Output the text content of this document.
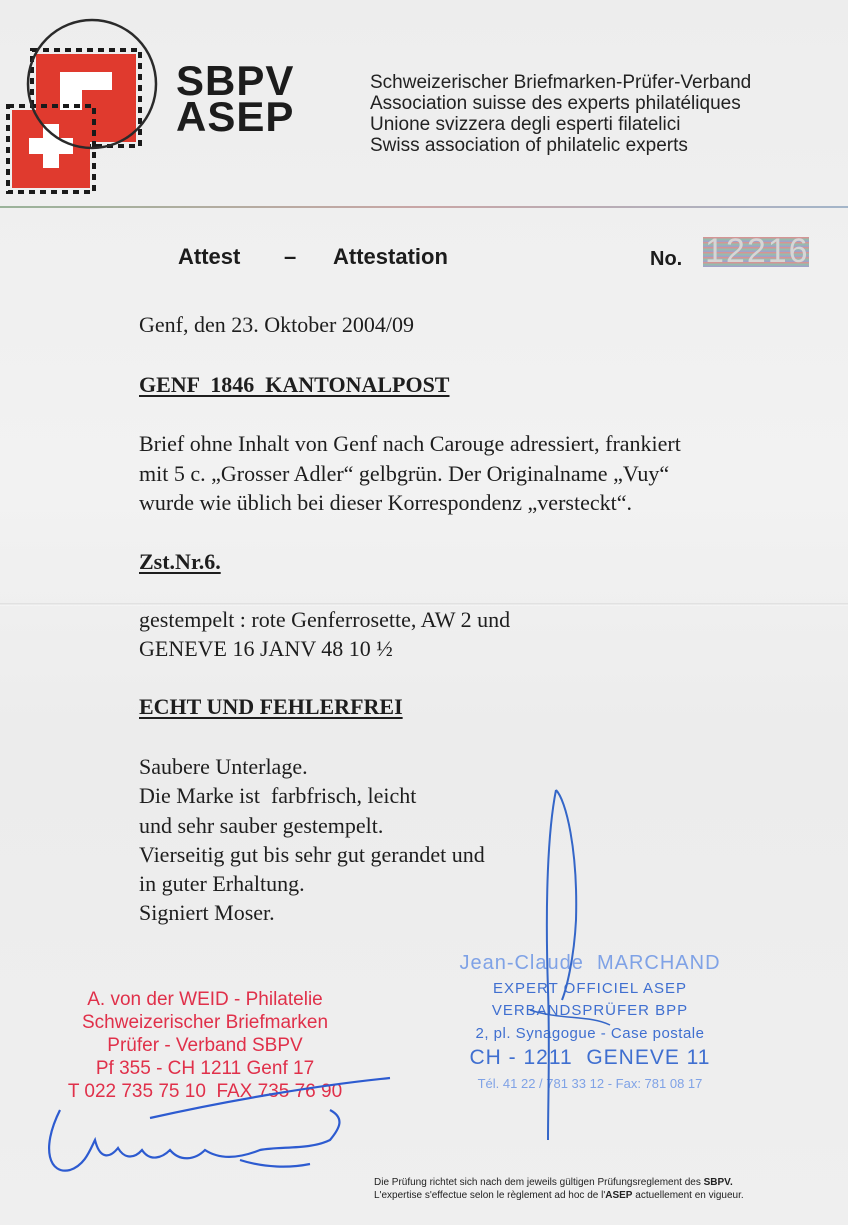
SBPV
ASEP
Schweizerischer Briefmarken-Prüfer-Verband
Association suisse des experts philatéliques
Unione svizzera degli esperti filatelici
Swiss association of philatelic experts
Attest – Attestation	No. 12216
Genf, den 23. Oktober 2004/09
GENF  1846  KANTONALPOST
Brief ohne Inhalt von Genf nach Carouge adressiert, frankiert
mit 5 c. „Grosser Adler“ gelbgrün. Der Originalname „Vuy“
wurde wie üblich bei dieser Korrespondenz „versteckt“.
Zst.Nr.6.
gestempelt : rote Genferrosette, AW 2 und
GENEVE 16 JANV 48 10 ½
ECHT UND FEHLERFREI
Saubere Unterlage.
Die Marke ist  farbfrisch, leicht
und sehr sauber gestempelt.
Vierseitig gut bis sehr gut gerandet und
in guter Erhaltung.
Signiert Moser.
Jean-Claude  MARCHAND
EXPERT OFFICIEL ASEP
VERBANDSPRÜFER BPP
2, pl. Synagogue - Case postale
CH - 1211  GENEVE 11
Tél. 41 22 / 781 33 12 - Fax: 781 08 17
A. von der WEID - Philatelie
Schweizerischer Briefmarken
Prüfer - Verband SBPV
Pf 355 - CH 1211 Genf 17
T 022 735 75 10  FAX 735 76 90
Die Prüfung richtet sich nach dem jeweils gültigen Prüfungsreglement des SBPV.
L'expertise s'effectue selon le règlement ad hoc de l'ASEP actuellement en vigueur.
